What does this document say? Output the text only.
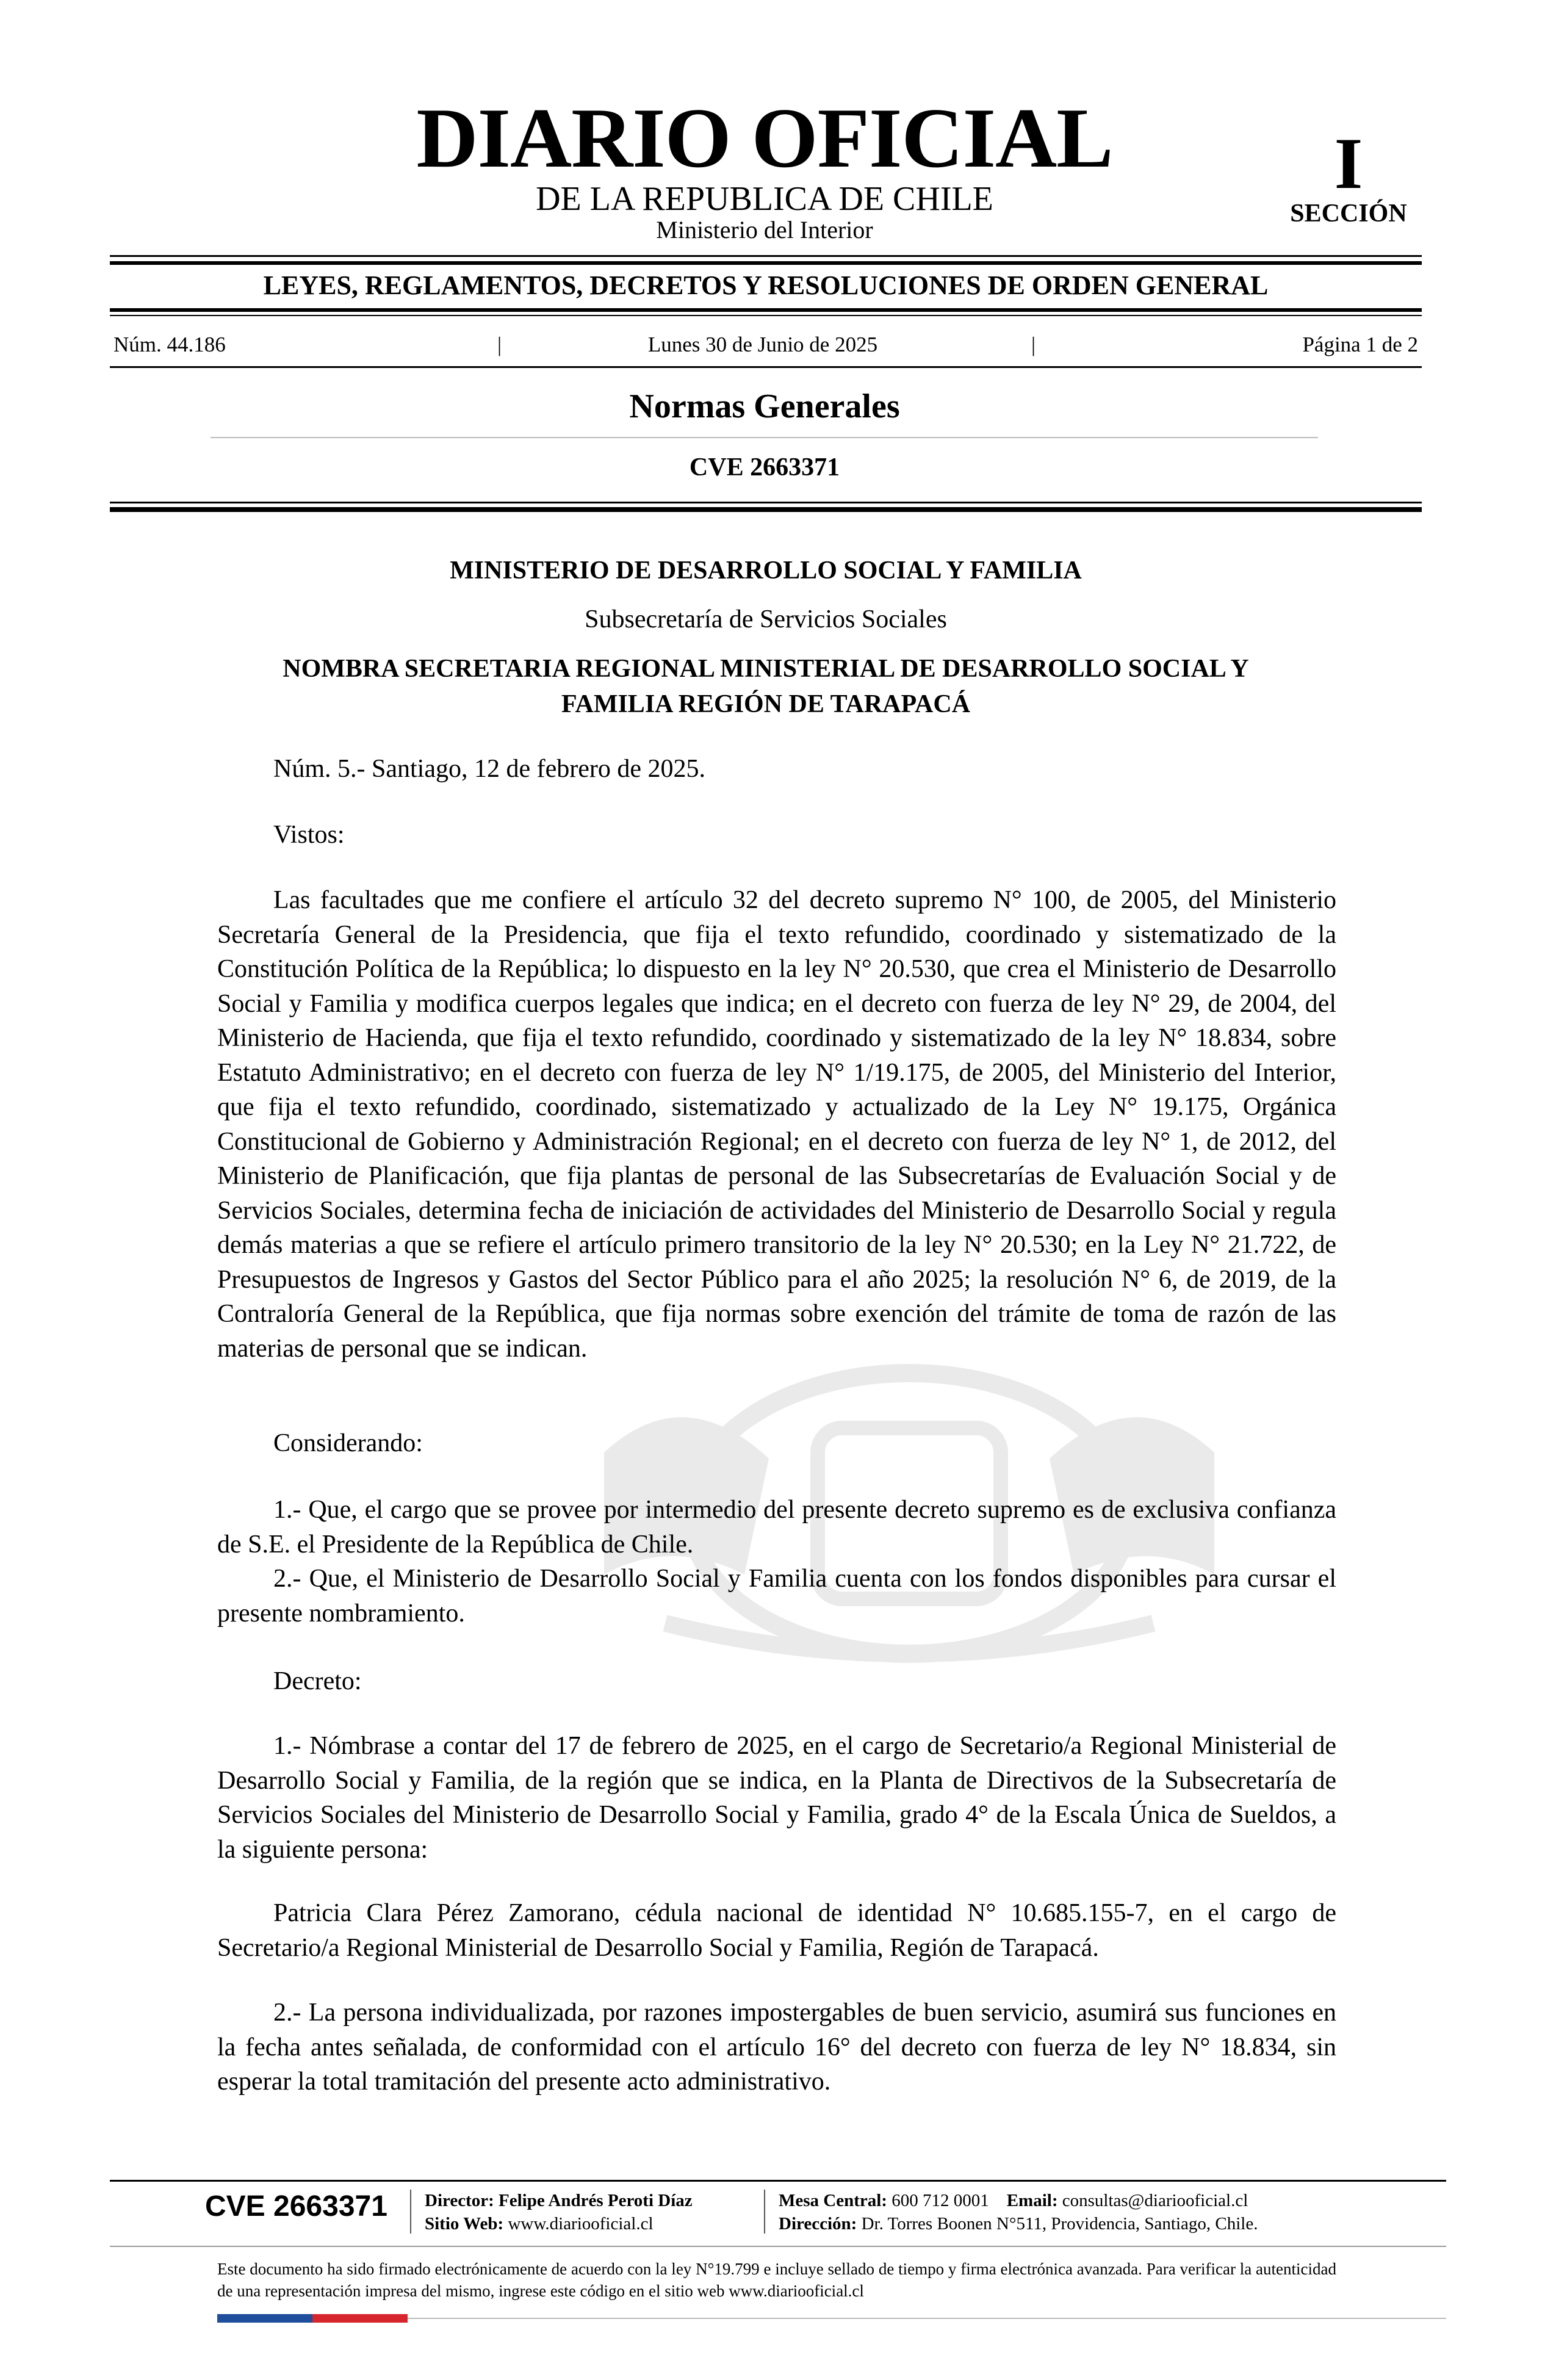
DIARIO OFICIAL
DE LA REPUBLICA DE CHILE
Ministerio del Interior
I
SECCIÓN
LEYES, REGLAMENTOS, DECRETOS Y RESOLUCIONES DE ORDEN GENERAL
Núm. 44.186	|	Lunes 30 de Junio de 2025	|	Página 1 de 2
Normas Generales
CVE 2663371
MINISTERIO DE DESARROLLO SOCIAL Y FAMILIA
Subsecretaría de Servicios Sociales
NOMBRA SECRETARIA REGIONAL MINISTERIAL DE DESARROLLO SOCIAL Y
FAMILIA REGIÓN DE TARAPACÁ
Núm. 5.- Santiago, 12 de febrero de 2025.
Vistos:

Las facultades que me confiere el artículo 32 del decreto supremo N° 100, de 2005, del Ministerio Secretaría General de la Presidencia, que fija el texto refundido, coordinado y sistematizado de la Constitución Política de la República; lo dispuesto en la ley N° 20.530, que crea el Ministerio de Desarrollo Social y Familia y modifica cuerpos legales que indica; en el decreto con fuerza de ley N° 29, de 2004, del Ministerio de Hacienda, que fija el texto refundido, coordinado y sistematizado de la ley N° 18.834, sobre Estatuto Administrativo; en el decreto con fuerza de ley N° 1/19.175, de 2005, del Ministerio del Interior, que fija el texto refundido, coordinado, sistematizado y actualizado de la Ley N° 19.175, Orgánica Constitucional de Gobierno y Administración Regional; en el decreto con fuerza de ley N° 1, de 2012, del Ministerio de Planificación, que fija plantas de personal de las Subsecretarías de Evaluación Social y de Servicios Sociales, determina fecha de iniciación de actividades del Ministerio de Desarrollo Social y regula demás materias a que se refiere el artículo primero transitorio de la ley N° 20.530; en la Ley N° 21.722, de Presupuestos de Ingresos y Gastos del Sector Público para el año 2025; la resolución N° 6, de 2019, de la Contraloría General de la República, que fija normas sobre exención del trámite de toma de razón de las materias de personal que se indican.

Considerando:

1.- Que, el cargo que se provee por intermedio del presente decreto supremo es de exclusiva confianza de S.E. el Presidente de la República de Chile.

2.- Que, el Ministerio de Desarrollo Social y Familia cuenta con los fondos disponibles para cursar el presente nombramiento.

Decreto:

1.- Nómbrase a contar del 17 de febrero de 2025, en el cargo de Secretario/a Regional Ministerial de Desarrollo Social y Familia, de la región que se indica, en la Planta de Directivos de la Subsecretaría de Servicios Sociales del Ministerio de Desarrollo Social y Familia, grado 4° de la Escala Única de Sueldos, a la siguiente persona:

Patricia Clara Pérez Zamorano, cédula nacional de identidad N° 10.685.155-7, en el cargo de Secretario/a Regional Ministerial de Desarrollo Social y Familia, Región de Tarapacá.

2.- La persona individualizada, por razones impostergables de buen servicio, asumirá sus funciones en la fecha antes señalada, de conformidad con el artículo 16° del decreto con fuerza de ley N° 18.834, sin esperar la total tramitación del presente acto administrativo.

CVE 2663371 Director: Felipe Andrés Peroti Díaz
Sitio Web: www.diariooficial.cl
Mesa Central: 600 712 0001 Email: consultas@diariooficial.cl
Dirección: Dr. Torres Boonen N°511, Providencia, Santiago, Chile.
Este documento ha sido firmado electrónicamente de acuerdo con la ley N°19.799 e incluye sellado de tiempo y firma electrónica avanzada. Para verificar la autenticidad de una representación impresa del mismo, ingrese este código en el sitio web www.diariooficial.cl
